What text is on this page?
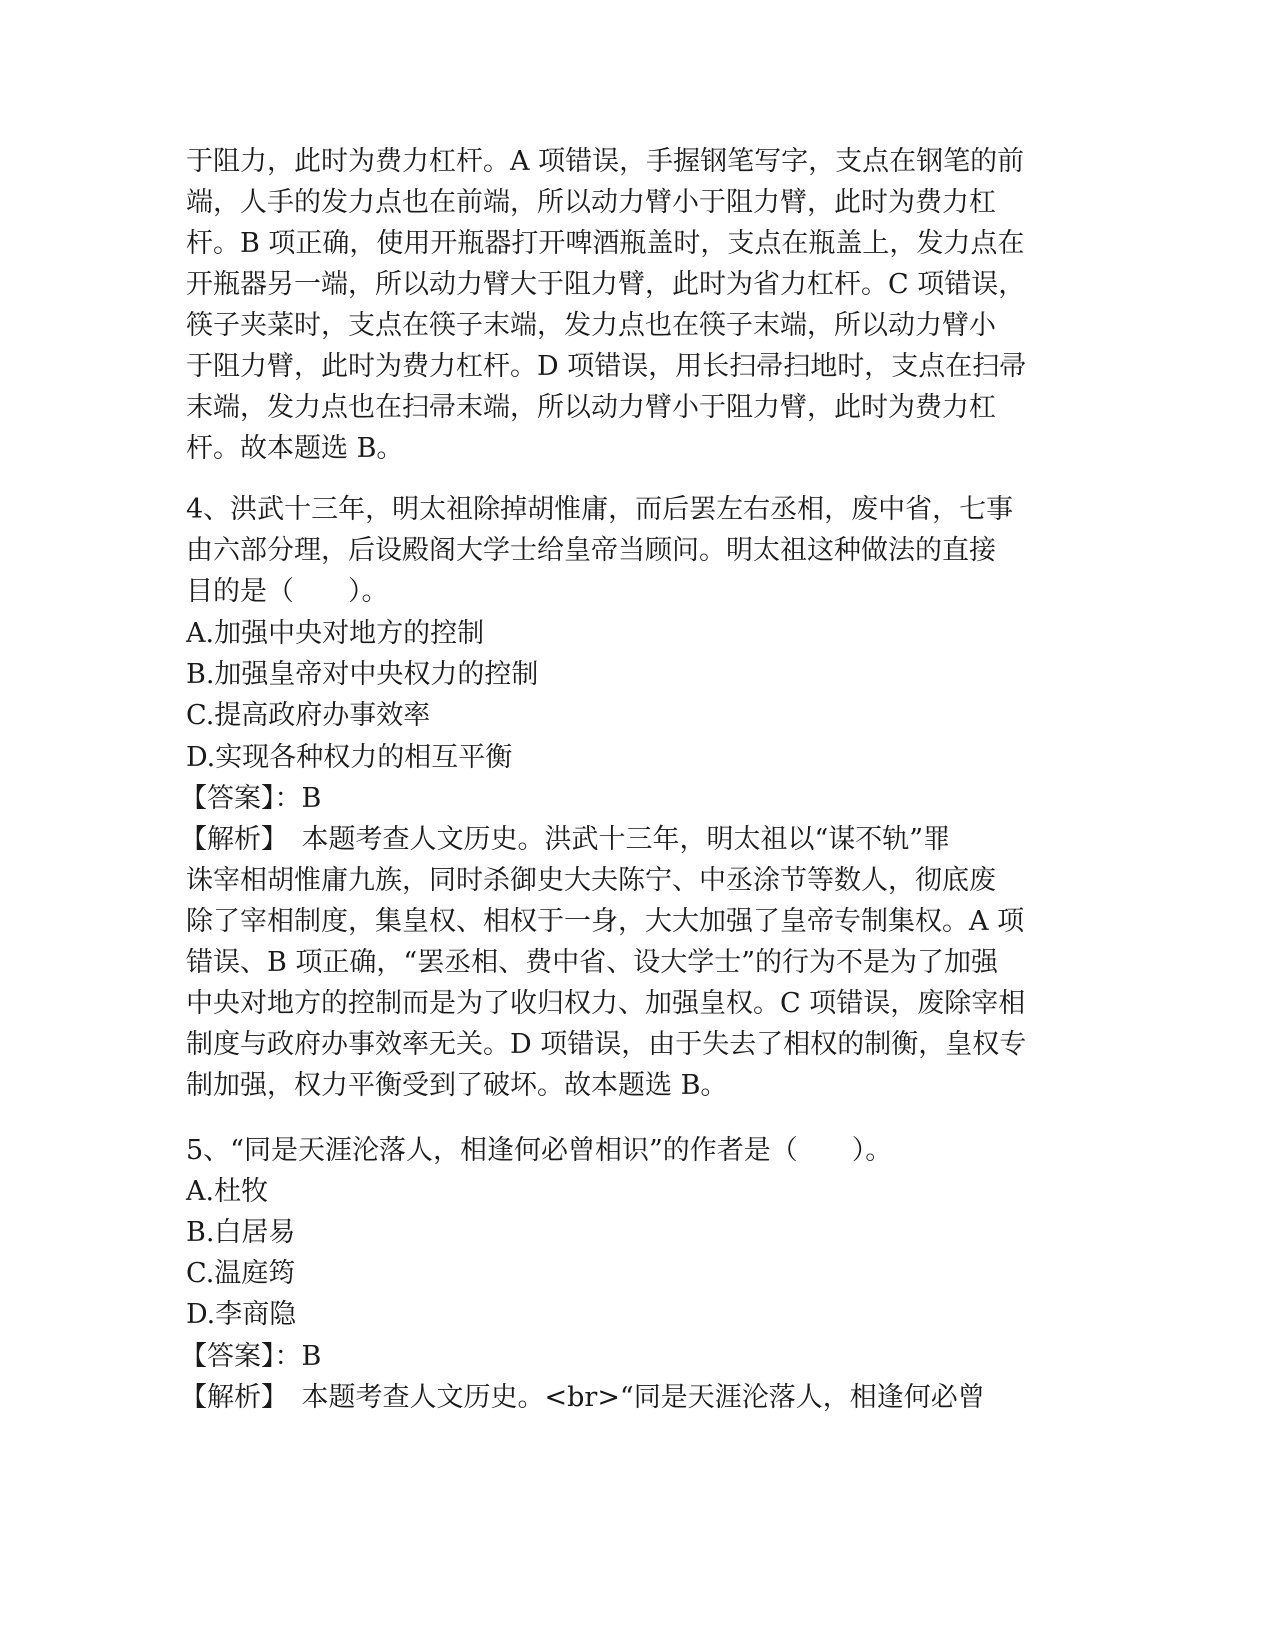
于阻力，此时为费力杠杆。A 项错误，手握钢笔写字，支点在钢笔的前
端，人手的发力点也在前端，所以动力臂小于阻力臂，此时为费力杠
杆。B 项正确，使用开瓶器打开啤酒瓶盖时，支点在瓶盖上，发力点在
开瓶器另一端，所以动力臂大于阻力臂，此时为省力杠杆。C 项错误，
筷子夹菜时，支点在筷子末端，发力点也在筷子末端，所以动力臂小
于阻力臂，此时为费力杠杆。D 项错误，用长扫帚扫地时，支点在扫帚
末端，发力点也在扫帚末端，所以动力臂小于阻力臂，此时为费力杠
杆。故本题选 B。
4、洪武十三年，明太祖除掉胡惟庸，而后罢左右丞相，废中省，七事
由六部分理，后设殿阁大学士给皇帝当顾问。明太祖这种做法的直接
目的是（　　）。
A.加强中央对地方的控制
B.加强皇帝对中央权力的控制
C.提高政府办事效率
D.实现各种权力的相互平衡
【答案】：B
【解析】　本题考查人文历史。洪武十三年，明太祖以“谋不轨”罪
诛宰相胡惟庸九族，同时杀御史大夫陈宁、中丞涂节等数人，彻底废
除了宰相制度，集皇权、相权于一身，大大加强了皇帝专制集权。A 项
错误、B 项正确，“罢丞相、费中省、设大学士”的行为不是为了加强
中央对地方的控制而是为了收归权力、加强皇权。C 项错误，废除宰相
制度与政府办事效率无关。D 项错误，由于失去了相权的制衡，皇权专
制加强，权力平衡受到了破坏。故本题选 B。
5、“同是天涯沦落人，相逢何必曾相识”的作者是（　　）。
A.杜牧
B.白居易
C.温庭筠
D.李商隐
【答案】：B
【解析】　本题考查人文历史。<br>“同是天涯沦落人，相逢何必曾
